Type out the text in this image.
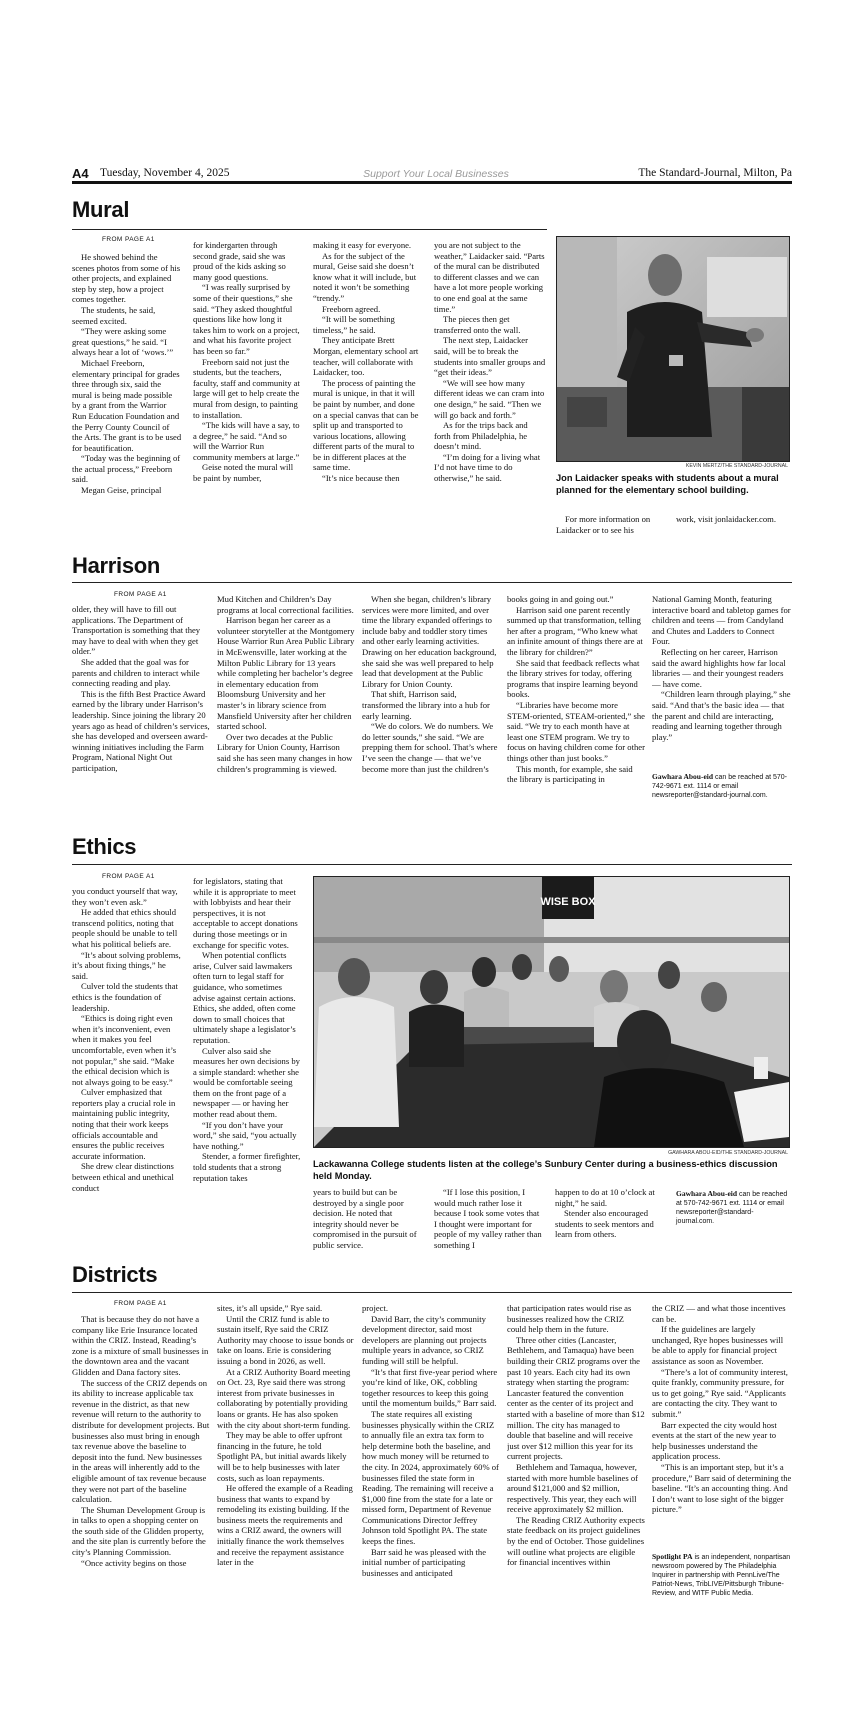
A4 Tuesday, November 4, 2025	Support Your Local Businesses	The Standard-Journal, Milton, Pa
Mural
FROM PAGE A1

He showed behind the scenes photos from some of his other projects, and explained step by step, how a project comes together.

The students, he said, seemed excited.

“They were asking some great questions,” he said. “I always hear a lot of ‘wows.’”

Michael Freeborn, elementary principal for grades three through six, said the mural is being made possible by a grant from the Warrior Run Education Foundation and the Perry County Council of the Arts. The grant is to be used for beautification.

“Today was the beginning of the actual process,” Freeborn said.

Megan Geise, principal

for kindergarten through second grade, said she was proud of the kids asking so many good questions.

“I was really surprised by some of their questions,” she said. “They asked thoughtful questions like how long it takes him to work on a project, and what his favorite project has been so far.”

Freeborn said not just the students, but the teachers, faculty, staff and community at large will get to help create the mural from design, to painting to installation.

“The kids will have a say, to a degree,” he said. “And so will the Warrior Run community members at large.”

Geise noted the mural will be paint by number,

making it easy for everyone.

As for the subject of the mural, Geise said she doesn’t know what it will include, but noted it won’t be something “trendy.”

Freeborn agreed.

“It will be something timeless,” he said.

They anticipate Brett Morgan, elementary school art teacher, will collaborate with Laidacker, too.

The process of painting the mural is unique, in that it will be paint by number, and done on a special canvas that can be split up and transported to various locations, allowing different parts of the mural to be in different places at the same time.

“It’s nice because then

you are not subject to the weather,” Laidacker said. “Parts of the mural can be distributed to different classes and we can have a lot more people working to one end goal at the same time.”

The pieces then get transferred onto the wall.

The next step, Laidacker said, will be to break the students into smaller groups and “get their ideas.”

“We will see how many different ideas we can cram into one design,” he said. “Then we will go back and forth.”

As for the trips back and forth from Philadelphia, he doesn’t mind.

“I’m doing for a living what I’d not have time to do otherwise,” he said.

KEVIN MERTZ/THE STANDARD-JOURNAL
Jon Laidacker speaks with students about a mural planned for the elementary school building.

For more information on Laidacker or to see his

work, visit jonlaidacker.com.

Harrison
FROM PAGE A1

older, they will have to fill out applications. The Department of Transportation is something that they may have to deal with when they get older.”

She added that the goal was for parents and children to interact while connecting reading and play.

This is the fifth Best Practice Award earned by the library under Harrison’s leadership. Since joining the library 20 years ago as head of children’s services, she has developed and overseen award-winning initiatives including the Farm Program, National Night Out participation,

Mud Kitchen and Children’s Day programs at local correctional facilities.

Harrison began her career as a volunteer storyteller at the Montgomery House Warrior Run Area Public Library in McEwensville, later working at the Milton Public Library for 13 years while completing her bachelor’s degree in elementary education from Bloomsburg University and her master’s in library science from Mansfield University after her children started school.

Over two decades at the Public Library for Union County, Harrison said she has seen many changes in how children’s programming is viewed.

When she began, children’s library services were more limited, and over time the library expanded offerings to include baby and toddler story times and other early learning activities. Drawing on her education background, she said she was well prepared to help lead that development at the Public Library for Union County.

That shift, Harrison said, transformed the library into a hub for early learning.

“We do colors. We do numbers. We do letter sounds,” she said. “We are prepping them for school. That’s where I’ve seen the change — that we’ve become more than just the children’s

books going in and going out.”

Harrison said one parent recently summed up that transformation, telling her after a program, “Who knew what an infinite amount of things there are at the library for children?”

She said that feedback reflects what the library strives for today, offering programs that inspire learning beyond books.

“Libraries have become more STEM-oriented, STEAM-oriented,” she said. “We try to each month have at least one STEM program. We try to focus on having children come for other things other than just books.”

This month, for example, she said the library is participating in

National Gaming Month, featuring interactive board and tabletop games for children and teens — from Candyland and Chutes and Ladders to Connect Four.

Reflecting on her career, Harrison said the award highlights how far local libraries — and their youngest readers — have come.

“Children learn through playing,” she said. “And that’s the basic idea — that the parent and child are interacting, reading and learning together through play.”

Gawhara Abou-eid can be reached at 570-742-9671 ext. 1114 or email newsreporter@standard-journal.com.
Ethics
FROM PAGE A1

you conduct yourself that way, they won’t even ask.”

He added that ethics should transcend politics, noting that people should be unable to tell what his political beliefs are.

“It’s about solving problems, it’s about fixing things,” he said.

Culver told the students that ethics is the foundation of leadership.

“Ethics is doing right even when it’s inconvenient, even when it makes you feel uncomfortable, even when it’s not popular,” she said. “Make the ethical decision which is not always going to be easy.”

Culver emphasized that reporters play a crucial role in maintaining public integrity, noting that their work keeps officials accountable and ensures the public receives accurate information.

She drew clear distinctions between ethical and unethical conduct

for legislators, stating that while it is appropriate to meet with lobbyists and hear their perspectives, it is not acceptable to accept donations during those meetings or in exchange for specific votes.

When potential conflicts arise, Culver said lawmakers often turn to legal staff for guidance, who sometimes advise against certain actions. Ethics, she added, often come down to small choices that ultimately shape a legislator’s reputation.

Culver also said she measures her own decisions by a simple standard: whether she would be comfortable seeing them on the front page of a newspaper — or having her mother read about them.

“If you don’t have your word,” she said, “you actually have nothing.”

Stender, a former firefighter, told students that a strong reputation takes

WISE BOX
GAWHARA ABOU-EID/THE STANDARD-JOURNAL
Lackawanna College students listen at the college’s Sunbury Center during a business-ethics discussion held Monday.

years to build but can be destroyed by a single poor decision. He noted that integrity should never be compromised in the pursuit of public service.

“If I lose this position, I would much rather lose it because I took some votes that I thought were important for people of my valley rather than something I

happen to do at 10 o’clock at night,” he said.

Stender also encouraged students to seek mentors and learn from others.

Gawhara Abou-eid can be reached at 570-742-9671 ext. 1114 or email newsreporter@standard-journal.com.
Districts
FROM PAGE A1

That is because they do not have a company like Erie Insurance located within the CRIZ. Instead, Reading’s zone is a mixture of small businesses in the downtown area and the vacant Glidden and Dana factory sites.

The success of the CRIZ depends on its ability to increase applicable tax revenue in the district, as that new revenue will return to the authority to distribute for development projects. But businesses also must bring in enough tax revenue above the baseline to deposit into the fund. New businesses in the areas will inherently add to the eligible amount of tax revenue because they were not part of the baseline calculation.

The Shuman Development Group is in talks to open a shopping center on the south side of the Glidden property, and the site plan is currently before the city’s Planning Commission.

“Once activity begins on those

sites, it’s all upside,” Rye said.

Until the CRIZ fund is able to sustain itself, Rye said the CRIZ Authority may choose to issue bonds or take on loans. Erie is considering issuing a bond in 2026, as well.

At a CRIZ Authority Board meeting on Oct. 23, Rye said there was strong interest from private businesses in collaborating by potentially providing loans or grants. He has also spoken with the city about short-term funding.

They may be able to offer upfront financing in the future, he told Spotlight PA, but initial awards likely will be to help businesses with later costs, such as loan repayments.

He offered the example of a Reading business that wants to expand by remodeling its existing building. If the business meets the requirements and wins a CRIZ award, the owners will initially finance the work themselves and receive the repayment assistance later in the

project.

David Barr, the city’s community development director, said most developers are planning out projects multiple years in advance, so CRIZ funding will still be helpful.

“It’s that first five-year period where you’re kind of like, OK, cobbling together resources to keep this going until the momentum builds,” Barr said.

The state requires all existing businesses physically within the CRIZ to annually file an extra tax form to help determine both the baseline, and how much money will be returned to the city. In 2024, approximately 60% of businesses filed the state form in Reading. The remaining will receive a $1,000 fine from the state for a late or missed form, Department of Revenue Communications Director Jeffrey Johnson told Spotlight PA. The state keeps the fines.

Barr said he was pleased with the initial number of participating businesses and anticipated

that participation rates would rise as businesses realized how the CRIZ could help them in the future.

Three other cities (Lancaster, Bethlehem, and Tamaqua) have been building their CRIZ programs over the past 10 years. Each city had its own strategy when starting the program: Lancaster featured the convention center as the center of its project and started with a baseline of more than $12 million. The city has managed to double that baseline and will receive just over $12 million this year for its current projects.

Bethlehem and Tamaqua, however, started with more humble baselines of around $121,000 and $2 million, respectively. This year, they each will receive approximately $2 million.

The Reading CRIZ Authority expects state feedback on its project guidelines by the end of October. Those guidelines will outline what projects are eligible for financial incentives within

the CRIZ — and what those incentives can be.

If the guidelines are largely unchanged, Rye hopes businesses will be able to apply for financial project assistance as soon as November.

“There’s a lot of community interest, quite frankly, community pressure, for us to get going,” Rye said. “Applicants are contacting the city. They want to submit.”

Barr expected the city would host events at the start of the new year to help businesses understand the application process.

“This is an important step, but it’s a procedure,” Barr said of determining the baseline. “It’s an accounting thing. And I don’t want to lose sight of the bigger picture.”

Spotlight PA is an independent, nonpartisan newsroom powered by The Philadelphia Inquirer in partnership with PennLive/The Patriot-News, TribLIVE/Pittsburgh Tribune-Review, and WITF Public Media.
